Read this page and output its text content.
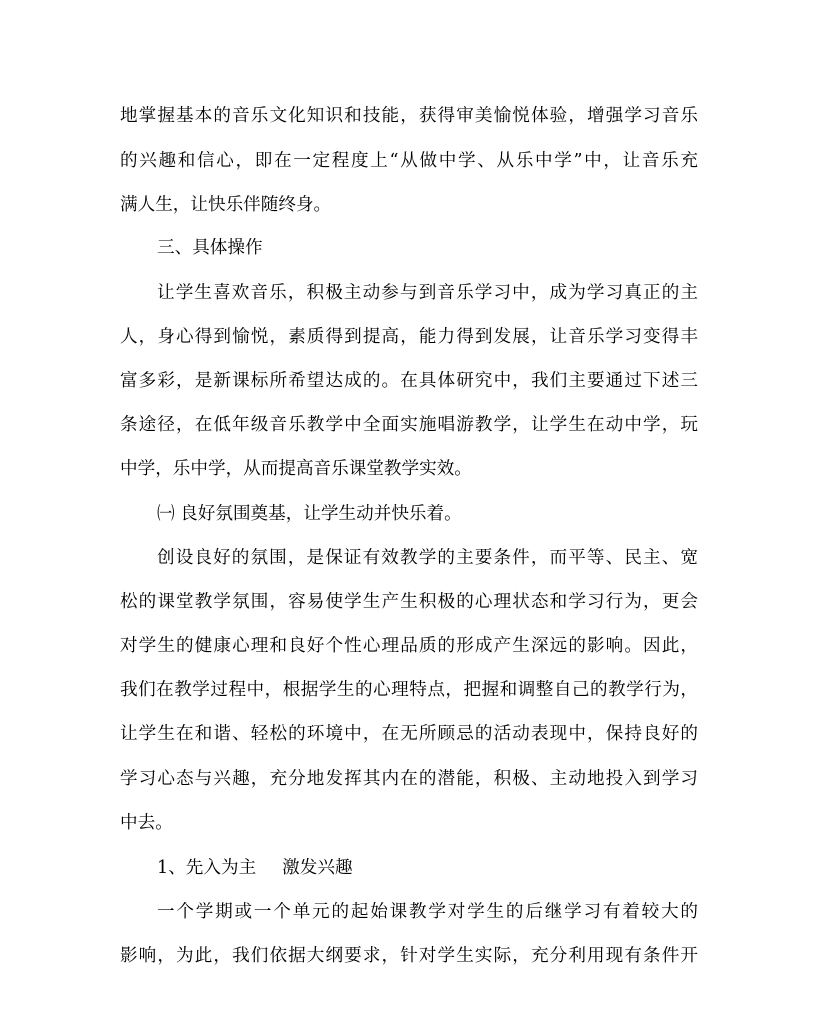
地掌握基本的音乐文化知识和技能，获得审美愉悦体验，增强学习音乐
的兴趣和信心，即在一定程度上“从做中学、从乐中学”中，让音乐充
满人生，让快乐伴随终身。
三、具体操作
让学生喜欢音乐，积极主动参与到音乐学习中，成为学习真正的主
人，身心得到愉悦，素质得到提高，能力得到发展，让音乐学习变得丰
富多彩，是新课标所希望达成的。在具体研究中，我们主要通过下述三
条途径，在低年级音乐教学中全面实施唱游教学，让学生在动中学，玩
中学，乐中学，从而提高音乐课堂教学实效。
㈠ 良好氛围奠基，让学生动并快乐着。
创设良好的氛围，是保证有效教学的主要条件，而平等、民主、宽
松的课堂教学氛围，容易使学生产生积极的心理状态和学习行为，更会
对学生的健康心理和良好个性心理品质的形成产生深远的影响。因此，
我们在教学过程中，根据学生的心理特点，把握和调整自己的教学行为，
让学生在和谐、轻松的环境中，在无所顾忌的活动表现中，保持良好的
学习心态与兴趣，充分地发挥其内在的潜能，积极、主动地投入到学习
中去。
1、先入为主 激发兴趣
一个学期或一个单元的起始课教学对学生的后继学习有着较大的
影响，为此，我们依据大纲要求，针对学生实际，充分利用现有条件开
